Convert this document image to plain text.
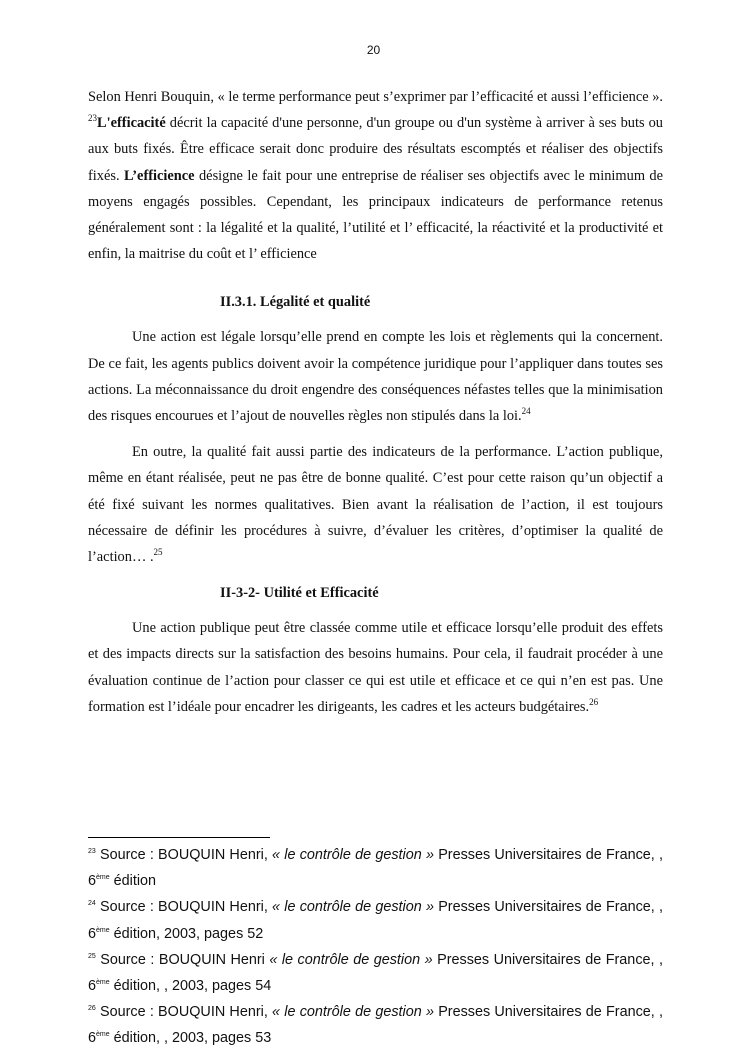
20

Selon Henri Bouquin, « le terme performance peut s’exprimer par l’efficacité et aussi l’efficience ». $^{23}$L'efficacité décrit la capacité d'une personne, d'un groupe ou d'un système à arriver à ses buts ou aux buts fixés. Être efficace serait donc produire des résultats escomptés et réaliser des objectifs fixés. L’efficience désigne le fait pour une entreprise de réaliser ses objectifs avec le minimum de moyens engagés possibles. Cependant, les principaux indicateurs de performance retenus généralement sont : la légalité et la qualité, l’utilité et l’ efficacité, la réactivité et la productivité et enfin, la maitrise du coût et l’ efficience

II.3.1. Légalité et qualité

Une action est légale lorsqu’elle prend en compte les lois et règlements qui la concernent. De ce fait, les agents publics doivent avoir la compétence juridique pour l’appliquer dans toutes ses actions. La méconnaissance du droit engendre des conséquences néfastes telles que la minimisation des risques encourues et l’ajout de nouvelles règles non stipulés dans la loi.$^{24}$

En outre, la qualité fait aussi partie des indicateurs de la performance. L’action publique, même en étant réalisée, peut ne pas être de bonne qualité. C’est pour cette raison qu’un objectif a été fixé suivant les normes qualitatives. Bien avant la réalisation de l’action, il est toujours nécessaire de définir les procédures à suivre, d’évaluer les critères, d’optimiser la qualité de l’action… .$^{25}$

II-3-2- Utilité et Efficacité

Une action publique peut être classée comme utile et efficace lorsqu’elle produit des effets et des impacts directs sur la satisfaction des besoins humains. Pour cela, il faudrait procéder à une évaluation continue de l’action pour classer ce qui est utile et efficace et ce qui n’en est pas. Une formation est l’idéale pour encadrer les dirigeants, les cadres et les acteurs budgétaires.$^{26}$

$^{23}$ Source : BOUQUIN Henri, « le contrôle de gestion » Presses Universitaires de France, , 6ème édition

$^{24}$ Source : BOUQUIN Henri, « le contrôle de gestion » Presses Universitaires de France, , 6ème édition, 2003, pages 52

$^{25}$ Source : BOUQUIN Henri « le contrôle de gestion » Presses Universitaires de France, , 6ème édition, , 2003, pages 54

$^{26}$ Source : BOUQUIN Henri, « le contrôle de gestion » Presses Universitaires de France, , 6ème édition, , 2003, pages 53
